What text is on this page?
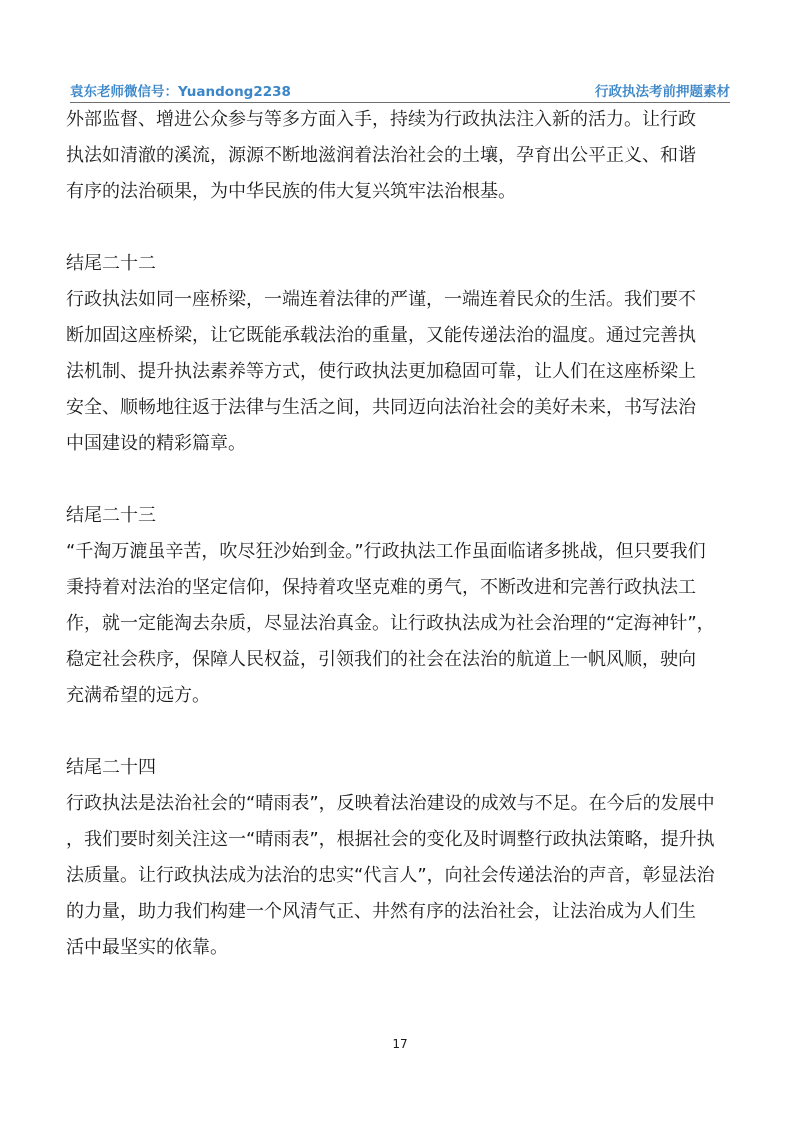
袁东老师微信号：Yuandong2238	行政执法考前押题素材
外部监督、增进公众参与等多方面入手，持续为行政执法注入新的活力。让行政
执法如清澈的溪流，源源不断地滋润着法治社会的土壤，孕育出公平正义、和谐
有序的法治硕果，为中华民族的伟大复兴筑牢法治根基。
结尾二十二
行政执法如同一座桥梁，一端连着法律的严谨，一端连着民众的生活。我们要不
断加固这座桥梁，让它既能承载法治的重量，又能传递法治的温度。通过完善执
法机制、提升执法素养等方式，使行政执法更加稳固可靠，让人们在这座桥梁上
安全、顺畅地往返于法律与生活之间，共同迈向法治社会的美好未来，书写法治
中国建设的精彩篇章。
结尾二十三
“千淘万漉虽辛苦，吹尽狂沙始到金。”行政执法工作虽面临诸多挑战，但只要我们
秉持着对法治的坚定信仰，保持着攻坚克难的勇气，不断改进和完善行政执法工
作，就一定能淘去杂质，尽显法治真金。让行政执法成为社会治理的“定海神针”，
稳定社会秩序，保障人民权益，引领我们的社会在法治的航道上一帆风顺，驶向
充满希望的远方。
结尾二十四
行政执法是法治社会的“晴雨表”，反映着法治建设的成效与不足。在今后的发展中
，我们要时刻关注这一“晴雨表”，根据社会的变化及时调整行政执法策略，提升执
法质量。让行政执法成为法治的忠实“代言人”，向社会传递法治的声音，彰显法治
的力量，助力我们构建一个风清气正、井然有序的法治社会，让法治成为人们生
活中最坚实的依靠。
17
